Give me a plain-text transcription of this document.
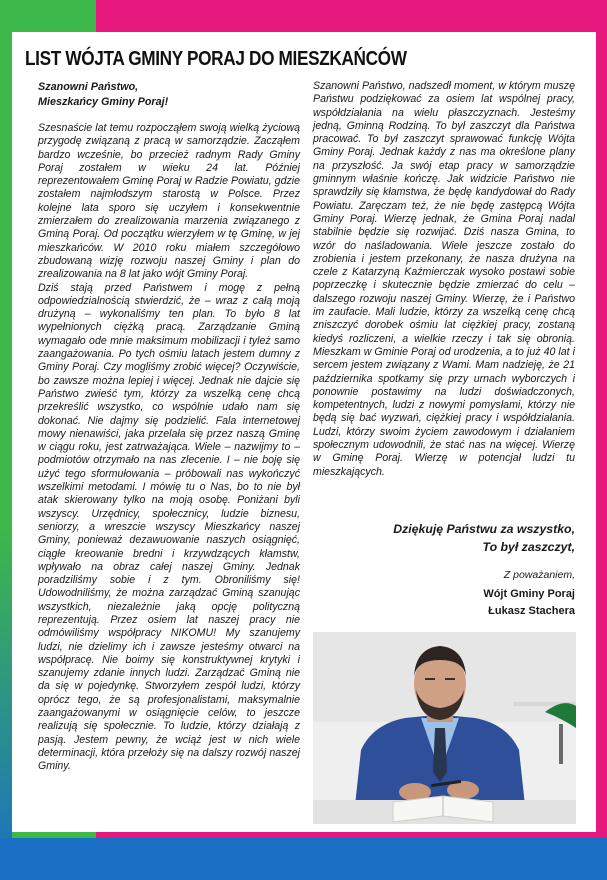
LIST WÓJTA GMINY PORAJ DO MIESZKAŃCÓW
Szanowni Państwo,
Mieszkańcy Gminy Poraj!

Szesnaście lat temu rozpocząłem swoją wielką życiową przygodę związaną z pracą w samorządzie. Zacząłem bardzo wcześnie, bo przecież radnym Rady Gminy Poraj zostałem w wieku 24 lat. Później reprezentowałem Gminę Poraj w Radzie Powiatu, gdzie zostałem najmłodszym starostą w Polsce. Przez kolejne lata sporo się uczyłem i konsekwentnie zmierzałem do zrealizowania marzenia związanego z Gminą Poraj. Od początku wierzyłem w tę Gminę, w jej mieszkańców. W 2010 roku miałem szczegółowo zbudowaną wizję rozwoju naszej Gminy i plan do zrealizowania na 8 lat jako wójt Gminy Poraj.

Dziś stają przed Państwem i mogę z pełną odpowiedzialnością stwierdzić, że – wraz z całą moją drużyną – wykonaliśmy ten plan. To było 8 lat wypełnionych ciężką pracą. Zarządzanie Gminą wymagało ode mnie maksimum mobilizacji i tyleż samo zaangażowania. Po tych ośmiu latach jestem dumny z Gminy Poraj. Czy mogliśmy zrobić więcej? Oczywiście, bo zawsze można lepiej i więcej. Jednak nie dajcie się Państwo zwieść tym, którzy za wszelką cenę chcą przekreślić wszystko, co wspólnie udało nam się dokonać. Nie dajmy się podzielić. Fala internetowej mowy nienawiści, jaka przelała się przez naszą Gminę w ciągu roku, jest zatrważająca. Wiele – nazwijmy to – podmiotów otrzymało na nas zlecenie. I – nie boję się użyć tego sformułowania – próbowali nas wykończyć wszelkimi metodami. I mówię tu o Nas, bo to nie był atak skierowany tylko na moją osobę. Poniżani byli wszyscy. Urzędnicy, społecznicy, ludzie biznesu, seniorzy, a wreszcie wszyscy Mieszkańcy naszej Gminy, ponieważ dezawuowanie naszych osiągnięć, ciągłe kreowanie bredni i krzywdzących kłamstw, wpływało na obraz całej naszej Gminy. Jednak poradziliśmy sobie i z tym. Obroniliśmy się! Udowodniliśmy, że można zarządzać Gminą szanując wszystkich, niezależnie jaką opcję polityczną reprezentują. Przez osiem lat naszej pracy nie odmówiliśmy współpracy NIKOMU! My szanujemy ludzi, nie dzielimy ich i zawsze jesteśmy otwarci na współpracę. Nie boimy się konstruktywnej krytyki i szanujemy zdanie innych ludzi. Zarządzać Gminą nie da się w pojedynkę. Stworzyłem zespół ludzi, którzy oprócz tego, że są profesjonalistami, maksymalnie zaangażowanymi w osiągnięcie celów, to jeszcze realizują się społecznie. To ludzie, którzy działają z pasją. Jestem pewny, że wciąż jest w nich wiele determinacji, która przełoży się na dalszy rozwój naszej Gminy.

Szanowni Państwo, nadszedł moment, w którym muszę Państwu podziękować za osiem lat wspólnej pracy, współdziałania na wielu płaszczyznach. Jesteśmy jedną, Gminną Rodziną. To był zaszczyt dla Państwa pracować. To był zaszczyt sprawować funkcję Wójta Gminy Poraj. Jednak każdy z nas ma określone plany na przyszłość. Ja swój etap pracy w samorządzie gminnym właśnie kończę. Jak widzicie Państwo nie sprawdziły się kłamstwa, że będę kandydował do Rady Powiatu. Zaręczam też, że nie będę zastępcą Wójta Gminy Poraj. Wierzę jednak, że Gmina Poraj nadal stabilnie będzie się rozwijać. Dziś nasza Gmina, to wzór do naśladowania. Wiele jeszcze zostało do zrobienia i jestem przekonany, że nasza drużyna na czele z Katarzyną Kaźmierczak wysoko postawi sobie poprzeczkę i skutecznie będzie zmierzać do celu – dalszego rozwoju naszej Gminy. Wierzę, że i Państwo im zaufacie. Mali ludzie, którzy za wszelką cenę chcą zniszczyć dorobek ośmiu lat ciężkiej pracy, zostaną kiedyś rozliczeni, a wielkie rzeczy i tak się obronią. Mieszkam w Gminie Poraj od urodzenia, a to już 40 lat i sercem jestem związany z Wami. Mam nadzieję, że 21 października spotkamy się przy urnach wyborczych i ponownie postawimy na ludzi doświadczonych, kompetentnych, ludzi z nowymi pomysłami, którzy nie będą się bać wyzwań, ciężkiej pracy i współdziałania. Ludzi, którzy swoim życiem zawodowym i działaniem społecznym udowodnili, że stać nas na więcej. Wierzę w Gminę Poraj. Wierzę w potencjał ludzi tu mieszkających.

Dziękuję Państwu za wszystko,
To był zaszczyt,
Z poważaniem,
Wójt Gminy Poraj
Łukasz Stachera
